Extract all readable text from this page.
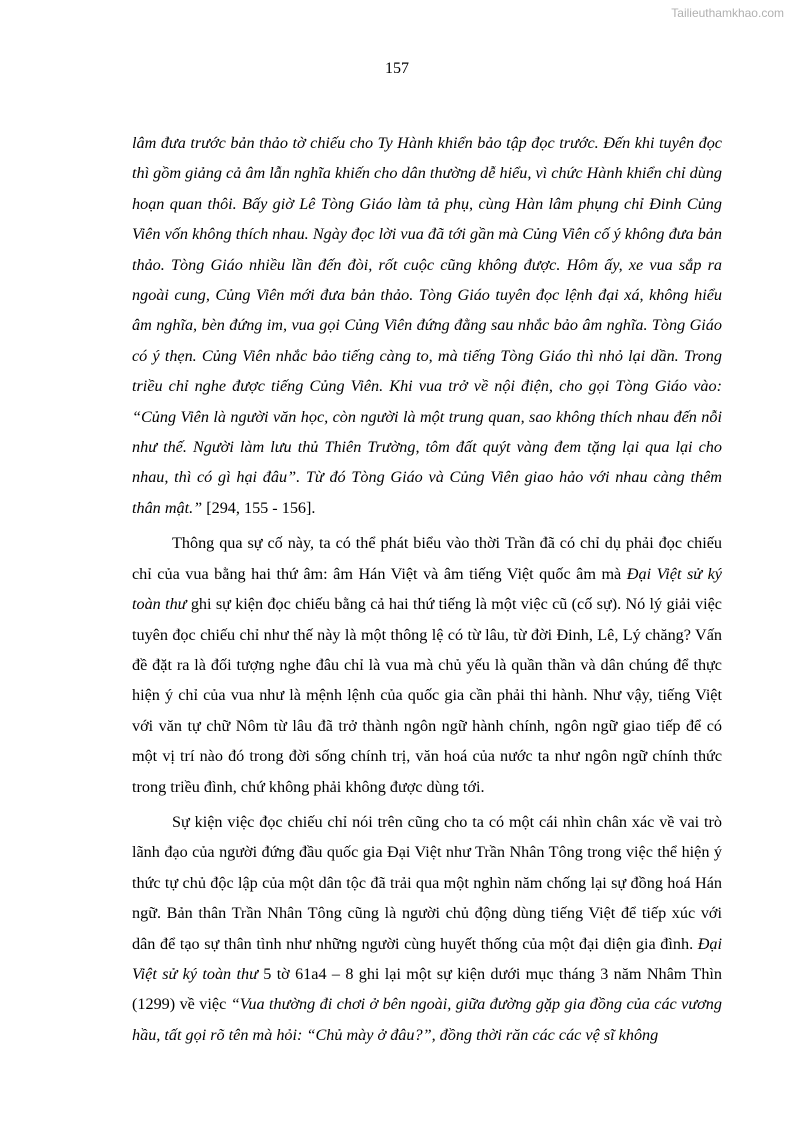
Tailieuthamkhao.com
157

lâm đưa trước bản thảo tờ chiếu cho Ty Hành khiển bảo tập đọc trước. Đến khi tuyên đọc thì gồm giảng cả âm lẫn nghĩa khiến cho dân thường dễ hiểu, vì chức Hành khiển chỉ dùng hoạn quan thôi. Bấy giờ Lê Tòng Giáo làm tả phụ, cùng Hàn lâm phụng chỉ Đinh Củng Viên vốn không thích nhau. Ngày đọc lời vua đã tới gần mà Củng Viên cố ý không đưa bản thảo. Tòng Giáo nhiều lần đến đòi, rốt cuộc cũng không được. Hôm ấy, xe vua sắp ra ngoài cung, Củng Viên mới đưa bản thảo. Tòng Giáo tuyên đọc lệnh đại xá, không hiểu âm nghĩa, bèn đứng im, vua gọi Củng Viên đứng đằng sau nhắc bảo âm nghĩa. Tòng Giáo có ý thẹn. Củng Viên nhắc bảo tiếng càng to, mà tiếng Tòng Giáo thì nhỏ lại dần. Trong triều chỉ nghe được tiếng Củng Viên. Khi vua trở về nội điện, cho gọi Tòng Giáo vào: “Củng Viên là người văn học, còn người là một trung quan, sao không thích nhau đến nỗi như thế. Người làm lưu thủ Thiên Trường, tôm đất quýt vàng đem tặng lại qua lại cho nhau, thì có gì hại đâu”. Từ đó Tòng Giáo và Củng Viên giao hảo với nhau càng thêm thân mật.” [294, 155 - 156].

Thông qua sự cố này, ta có thể phát biểu vào thời Trần đã có chỉ dụ phải đọc chiếu chỉ của vua bằng hai thứ âm: âm Hán Việt và âm tiếng Việt quốc âm mà Đại Việt sử ký toàn thư ghi sự kiện đọc chiếu bằng cả hai thứ tiếng là một việc cũ (cố sự). Nó lý giải việc tuyên đọc chiếu chỉ như thế này là một thông lệ có từ lâu, từ đời Đinh, Lê, Lý chăng? Vấn đề đặt ra là đối tượng nghe đâu chỉ là vua mà chủ yếu là quần thần và dân chúng để thực hiện ý chỉ của vua như là mệnh lệnh của quốc gia cần phải thi hành. Như vậy, tiếng Việt với văn tự chữ Nôm từ lâu đã trở thành ngôn ngữ hành chính, ngôn ngữ giao tiếp để có một vị trí nào đó trong đời sống chính trị, văn hoá của nước ta như ngôn ngữ chính thức trong triều đình, chứ không phải không được dùng tới.

Sự kiện việc đọc chiếu chỉ nói trên cũng cho ta có một cái nhìn chân xác về vai trò lãnh đạo của người đứng đầu quốc gia Đại Việt như Trần Nhân Tông trong việc thể hiện ý thức tự chủ độc lập của một dân tộc đã trải qua một nghìn năm chống lại sự đồng hoá Hán ngữ. Bản thân Trần Nhân Tông cũng là người chủ động dùng tiếng Việt để tiếp xúc với dân để tạo sự thân tình như những người cùng huyết thống của một đại diện gia đình. Đại Việt sử ký toàn thư 5 tờ 61a4 – 8 ghi lại một sự kiện dưới mục tháng 3 năm Nhâm Thìn (1299) về việc “Vua thường đi chơi ở bên ngoài, giữa đường gặp gia đồng của các vương hầu, tất gọi rõ tên mà hỏi: “Chủ mày ở đâu?”, đồng thời răn các các vệ sĩ không
